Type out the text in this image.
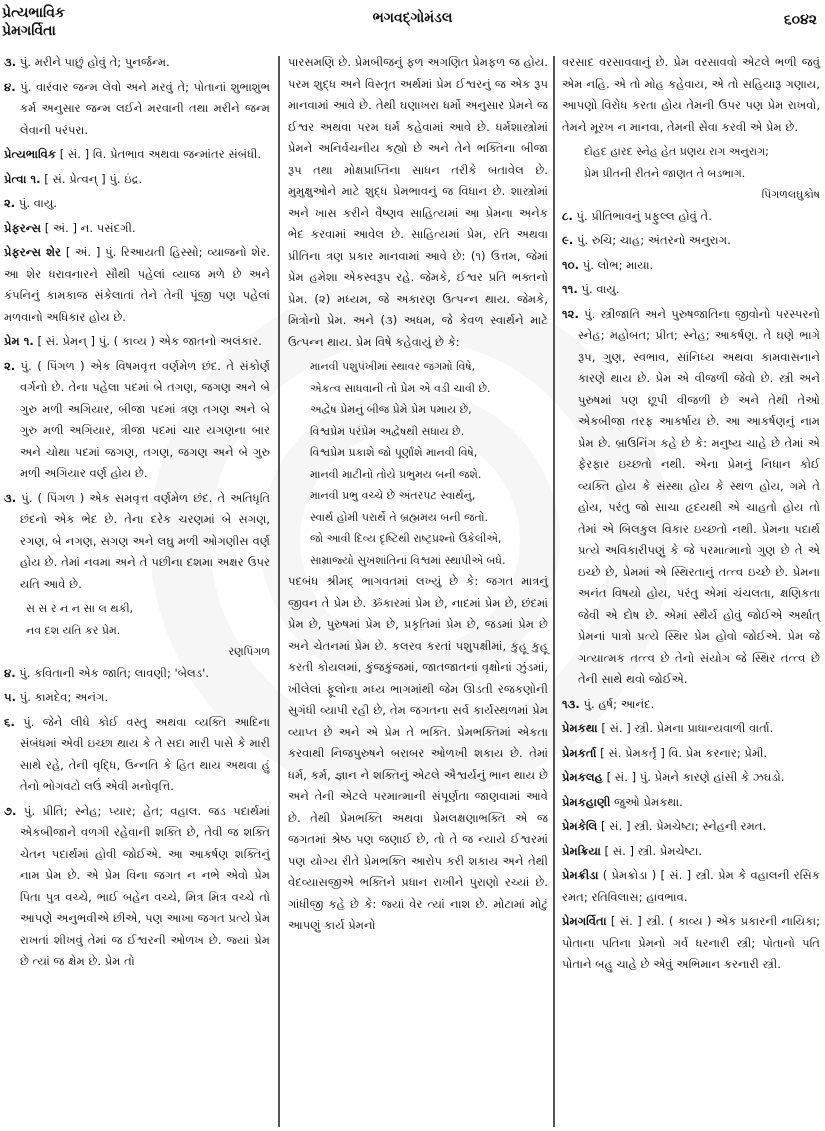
પ્રેત્યભાવિક
પ્રેમગર્વિતા
ભગવદ્ગોમંડલ	૬૦૪૨

૩. પું. મરીને પાછું હોવું તે; પુનર્જન્મ.

૪. પું. વારંવાર જન્મ લેવો અને મરવું તે; પોતાનાં શુભાશુભ કર્મ અનુસાર જન્મ લઈને મરવાની તથા મરીને જન્મ લેવાની પરંપરા.

પ્રેત્યભાવિક [ સં. ] વિ. પ્રેતભાવ અથવા જન્માંતર સંબંધી.

પ્રેત્વા ૧. [ સં. પ્રેત્વન્ ] પું. ઇંદ્ર.

૨. પું. વાયુ.

પ્રેફરન્સ [ અં. ] ન. પસંદગી.

પ્રેફરન્સ શેર [ અં. ] પું. રિઆયતી હિસ્સો; વ્યાજનો શેર. આ શેર ધરાવનારને સૌથી પહેલાં વ્યાજ મળે છે અને કંપનિનું કામકાજ સંકેલાતાં તેને તેની પૂંજી પણ પહેલાં મળવાનો અધિકાર હોય છે.

પ્રેમ ૧. [ સં. પ્રેમન્ ] પું. ( કાવ્ય ) એક જાતનો અલંકાર.

૨. પું. ( પિંગળ ) એક વિષમવૃત્ત વર્ણમેળ છંદ. તે સંકોર્ણ વર્ગનો છે. તેના પહેલા પદમાં બે તગણ, જગણ અને બે ગુરુ મળી અગિયાર, બીજા પદમાં ત્રણ તગણ અને બે ગુરુ મળી અગિયાર, ત્રીજા પદમાં ચાર યગણના બાર અને ચોથા પદમાં જગણ, તગણ, જગણ અને બે ગુરુ મળી અગિયાર વર્ણ હોય છે.

૩. પું. ( પિંગળ ) એક સમવૃત્ત વર્ણમેળ છંદ. તે અતિધૃતિ છંદનો એક ભેદ છે. તેના દરેક ચરણમાં બે સગણ, રગણ, બે નગણ, સગણ અને લઘુ મળી ઓગણીસ વર્ણ હોય છે. તેમાં નવમા અને તે પછીના દશમા અક્ષર ઉપર યતિ આવે છે.

સ સ ર ન ન સા લ થકી,
નવ દશ યતિ કર પ્રેમ.
રણપિંગળ

૪. પું. કવિતાની એક જાતિ; લાવણી; 'બેલડ'.

૫. પું. કામદેવ; અનંગ.

૬. પું. જેને લીધે કોઈ વસ્તુ અથવા વ્યક્તિ આદિના સંબંધમાં એવી ઇચ્છા થાય કે તે સદા મારી પાસે કે મારી સાથે રહે, તેની વૃદ્ધિ, ઉન્નતિ કે હિત થાય અથવા હું તેનો ભોગવટો લઉં એવી મનોવૃત્તિ.

૭. પું. પ્રીતિ; સ્નેહ; પ્યાર; હેત; વહાલ. જડ પદાર્થમાં એકબીજાને વળગી રહેવાની શક્તિ છે, તેવી જ શક્તિ ચેતન પદાર્થમાં હોવી જોઈએ. આ આકર્ષણ શક્તિનું નામ પ્રેમ છે. એ પ્રેમ વિના જગત ન નભે એવો પ્રેમ પિતા પુત્ર વચ્ચે, ભાઈ બહેન વચ્ચે, મિત્ર મિત્ર વચ્ચે તો આપણે અનુભવીએ છીએ, પણ આખા જગત પ્રત્યે પ્રેમ રાખતાં શીખવું તેમાં જ ઈશ્વરની ઓળખ છે. જ્યાં પ્રેમ છે ત્યાં જ ક્ષેમ છે. પ્રેમ તો

પારસમણિ છે. પ્રેમબીજનું ફળ અગણિત પ્રેમફળ જ હોય. પરમ શુદ્ધ અને વિસ્તૃત અર્થમાં પ્રેમ ઈશ્વરનું જ એક રૂપ માનવામાં આવે છે. તેથી ઘણાખરા ધર્મો અનુસાર પ્રેમને જ ઈશ્વર અથવા પરમ ધર્મ કહેવામાં આવે છે. ધર્મશાસ્ત્રોમાં પ્રેમને અનિર્વચનીય કહ્યો છે અને તેને ભક્તિના બીજા રૂપ તથા મોક્ષપ્રાપ્તિના સાધન તરીકે બતાવેલ છે. મુમુક્ષુઓને માટે શુદ્ધ પ્રેમભાવનું જ વિધાન છે. શાસ્ત્રોમાં અને ખાસ કરીને વૈષ્ણવ સાહિત્યમાં આ પ્રેમના અનેક ભેદ કરવામાં આવેલ છે. સાહિત્યમાં પ્રેમ, રતિ અથવા પ્રીતિના ત્રણ પ્રકાર માનવામાં આવે છે: (૧) ઉત્તમ, જેમાં પ્રેમ હમેશા એકસ્વરૂપ રહે. જેમકે, ઈશ્વર પ્રતિ ભક્તનો પ્રેમ. (૨) મધ્યમ, જે અકારણ ઉત્પન્ન થાય. જેમકે, મિત્રોનો પ્રેમ. અને (૩) અધમ, જે કેવળ સ્વાર્થને માટે ઉત્પન્ન થાય. પ્રેમ વિષે કહેવાયું છે કે:

માનવી પશુપંખીમાં સ્થાવર જંગમો વિષે,
એકત્વ સાધવાની તો પ્રેમ એ વડી ચાવી છે.
અદ્વેષ પ્રેમનું બીજ પ્રેમે પ્રેમ પમાય છે,
વિશ્વપ્રેમ પરંપ્રેમ અદ્વેષથી સધાય છે.
વિશ્વપ્રેમ પ્રકાશે જો પૂર્ણાંશે માનવી વિષે,
માનવી માટીનો તોયે પ્રભુમય બની જશે.
માનવી પ્રભુ વચ્ચે છે અંતરપટ સ્વાર્થનું,
સ્વાર્થ હોમી પરાર્થે તે બ્રહ્મમય બની જતો.
જો આવી દિવ્ય દૃષ્ટિથી રાષ્ટ્રપ્રશ્નો ઉકેલીએ,
સામ્રાજ્યો સુખશાંતિનાં વિશ્વમાં સ્થાપીએ બધે.

પદબંધ શ્રીમદ્ ભાગવતમાં લખ્યું છે કે: જગત માત્રનું જીવન તે પ્રેમ છે. ૐકારમાં પ્રેમ છે, નાદમાં પ્રેમ છે, છંદમાં પ્રેમ છે, પુરુષમાં પ્રેમ છે, પ્રકૃતિમાં પ્રેમ છે, જડમાં પ્રેમ છે અને ચેતનમાં પ્રેમ છે. કલરવ કરતાં પશુપક્ષીમાં, કુહૂ કુહૂ કરતી કોયલમાં, કુંજકુંજમાં, જાતજાતનાં વૃક્ષોનાં ઝુંડમાં, ખીલેલાં ફૂલોના મધ્ય ભાગમાંથી જેમ ઊડતી રજકણોની સુગંધી વ્યાપી રહી છે, તેમ જગતના સર્વ કાર્યસ્થળમાં પ્રેમ વ્યાપ્ત છે અને એ પ્રેમ તે ભક્તિ. પ્રેમભક્તિમાં એકતા કરવાથી નિજપુરુષને બરાબર ઓળખી શકાય છે. તેમાં ધર્મ, કર્મ, જ્ઞાન ને શક્તિનું એટલે ઐશ્વર્યનું ભાન થાય છે અને તેની એટલે પરમાત્માની સંપૂર્ણતા જાણવામાં આવે છે. તેથી પ્રેમભક્તિ અથવા પ્રેમલક્ષણાભક્તિ એ જ જગતમાં શ્રેષ્ઠ પણ જણાઈ છે, તો તે જ ન્યાયે ઈશ્વરમાં પણ યોગ્ય રીતે પ્રેમભક્તિ આરોપ કરી શકાય અને તેથી વેદવ્યાસજીએ ભક્તિને પ્રધાન રાખીને પુરાણો રચ્યાં છે. ગાંધીજી કહે છે કે: જ્યાં વેર ત્યાં નાશ છે. મોટામાં મોટું આપણું કાર્ય પ્રેમનો

વરસાદ વરસાવવાનું છે. પ્રેમ વરસાવવો એટલે ભળી જવું એમ નહિ. એ તો મોહ કહેવાય, એ તો સહિયારૂ ગણાય, આપણો વિરોધ કરતા હોય તેમની ઉપર પણ પ્રેમ રાખવો, તેમને મૂરખ ન માનવા, તેમની સેવા કરવી એ પ્રેમ છે.

દોહદ હારદ સ્નેહ હેત પ્રણય રાગ અનુરાગ;
પ્રેમ પ્રીતની રીતને જાણત તે બડભાગ.
પિંગળલઘુકોષ

૮. પું. પ્રીતિભાવનું પ્રફુલ્લ હોવું તે.

૯. પું. રુચિ; ચાહ; અંતરનો અનુરાગ.

૧૦. પું. લોભ; માયા.

૧૧. પું. વાયુ.

૧૨. પું. સ્ત્રીજાતિ અને પુરુષજાતિના જીવોનો પરસ્પરનો સ્નેહ; મહોબત; પ્રીત; સ્નેહ; આકર્ષણ. તે ઘણે ભાગે રૂપ, ગુણ, સ્વભાવ, સાંનિધ્ય અથવા કામવાસનાને કારણે થાય છે. પ્રેમ એ વીજળી જેવો છે. સ્ત્રી અને પુરુષમાં પણ છૂપી વીજળી છે અને તેથી તેઓ એકબીજા તરફ આકર્ષાય છે. આ આકર્ષણનું નામ પ્રેમ છે. બ્રાઉનિંગ કહે છે કે: મનુષ્ય ચાહે છે તેમાં એ ફેરફાર ઇચ્છતો નથી. એના પ્રેમનું નિધાન કોઈ વ્યક્તિ હોય કે સંસ્થા હોય કે સ્થળ હોય, ગમે તે હોય, પરંતુ જો સાચા હૃદયથી એ ચાહતો હોય તો તેમાં એ બિલકુલ વિકાર ઇચ્છતો નથી. પ્રેમના પદાર્થ પ્રત્યે અવિકારીપણું કે જે પરમાત્માનો ગુણ છે તે એ ઇચ્છે છે, પ્રેમમાં એ સ્થિરતાનું તત્ત્વ ઇચ્છે છે. પ્રેમના અનંત વિષયો હોય, પરંતુ એમાં ચંચલતા, ક્ષણિકતા જેવી એ દોષ છે. એમાં સ્થૈર્ય હોવું જોઈએ અર્થાત્ પ્રેમનાં પાત્રો પ્રત્યે સ્થિર પ્રેમ હોવો જોઈએ. પ્રેમ જે ગત્યાત્મક તત્ત્વ છે તેનો સંયોગ જે સ્થિર તત્ત્વ છે તેની સાથે થવો જોઈએ.

૧૩. પું. હર્ષ; આનંદ.

પ્રેમકથા [ સં. ] સ્ત્રી. પ્રેમના પ્રાધાન્યવાળી વાર્તા.

પ્રેમકર્તા [ સં. પ્રેમકર્તૃ ] વિ. પ્રેમ કરનાર; પ્રેમી.

પ્રેમકલહ [ સં. ] પું. પ્રેમને કારણે હાંસી કે ઝઘડો.

પ્રેમકહાણી જુઓ પ્રેમકથા.

પ્રેમકેલિ [ સં. ] સ્ત્રી. પ્રેમચેષ્ટા; સ્નેહની રમત.

પ્રેમક્રિયા [ સં. ] સ્ત્રી. પ્રેમચેષ્ટા.

પ્રેમક્રીડા ( પ્રેમક્રોડા ) [ સં. ] સ્ત્રી. પ્રેમ કે વહાલની રસિક રમત; રતિવિલાસ; હાવભાવ.

પ્રેમગર્વિતા [ સં. ] સ્ત્રી. ( કાવ્ય ) એક પ્રકારની નાયિકા; પોતાના પતિના પ્રેમનો ગર્વ ધરનારી સ્ત્રી; પોતાનો પતિ પોતાને બહુ ચાહે છે એવું અભિમાન કરનારી સ્ત્રી.
